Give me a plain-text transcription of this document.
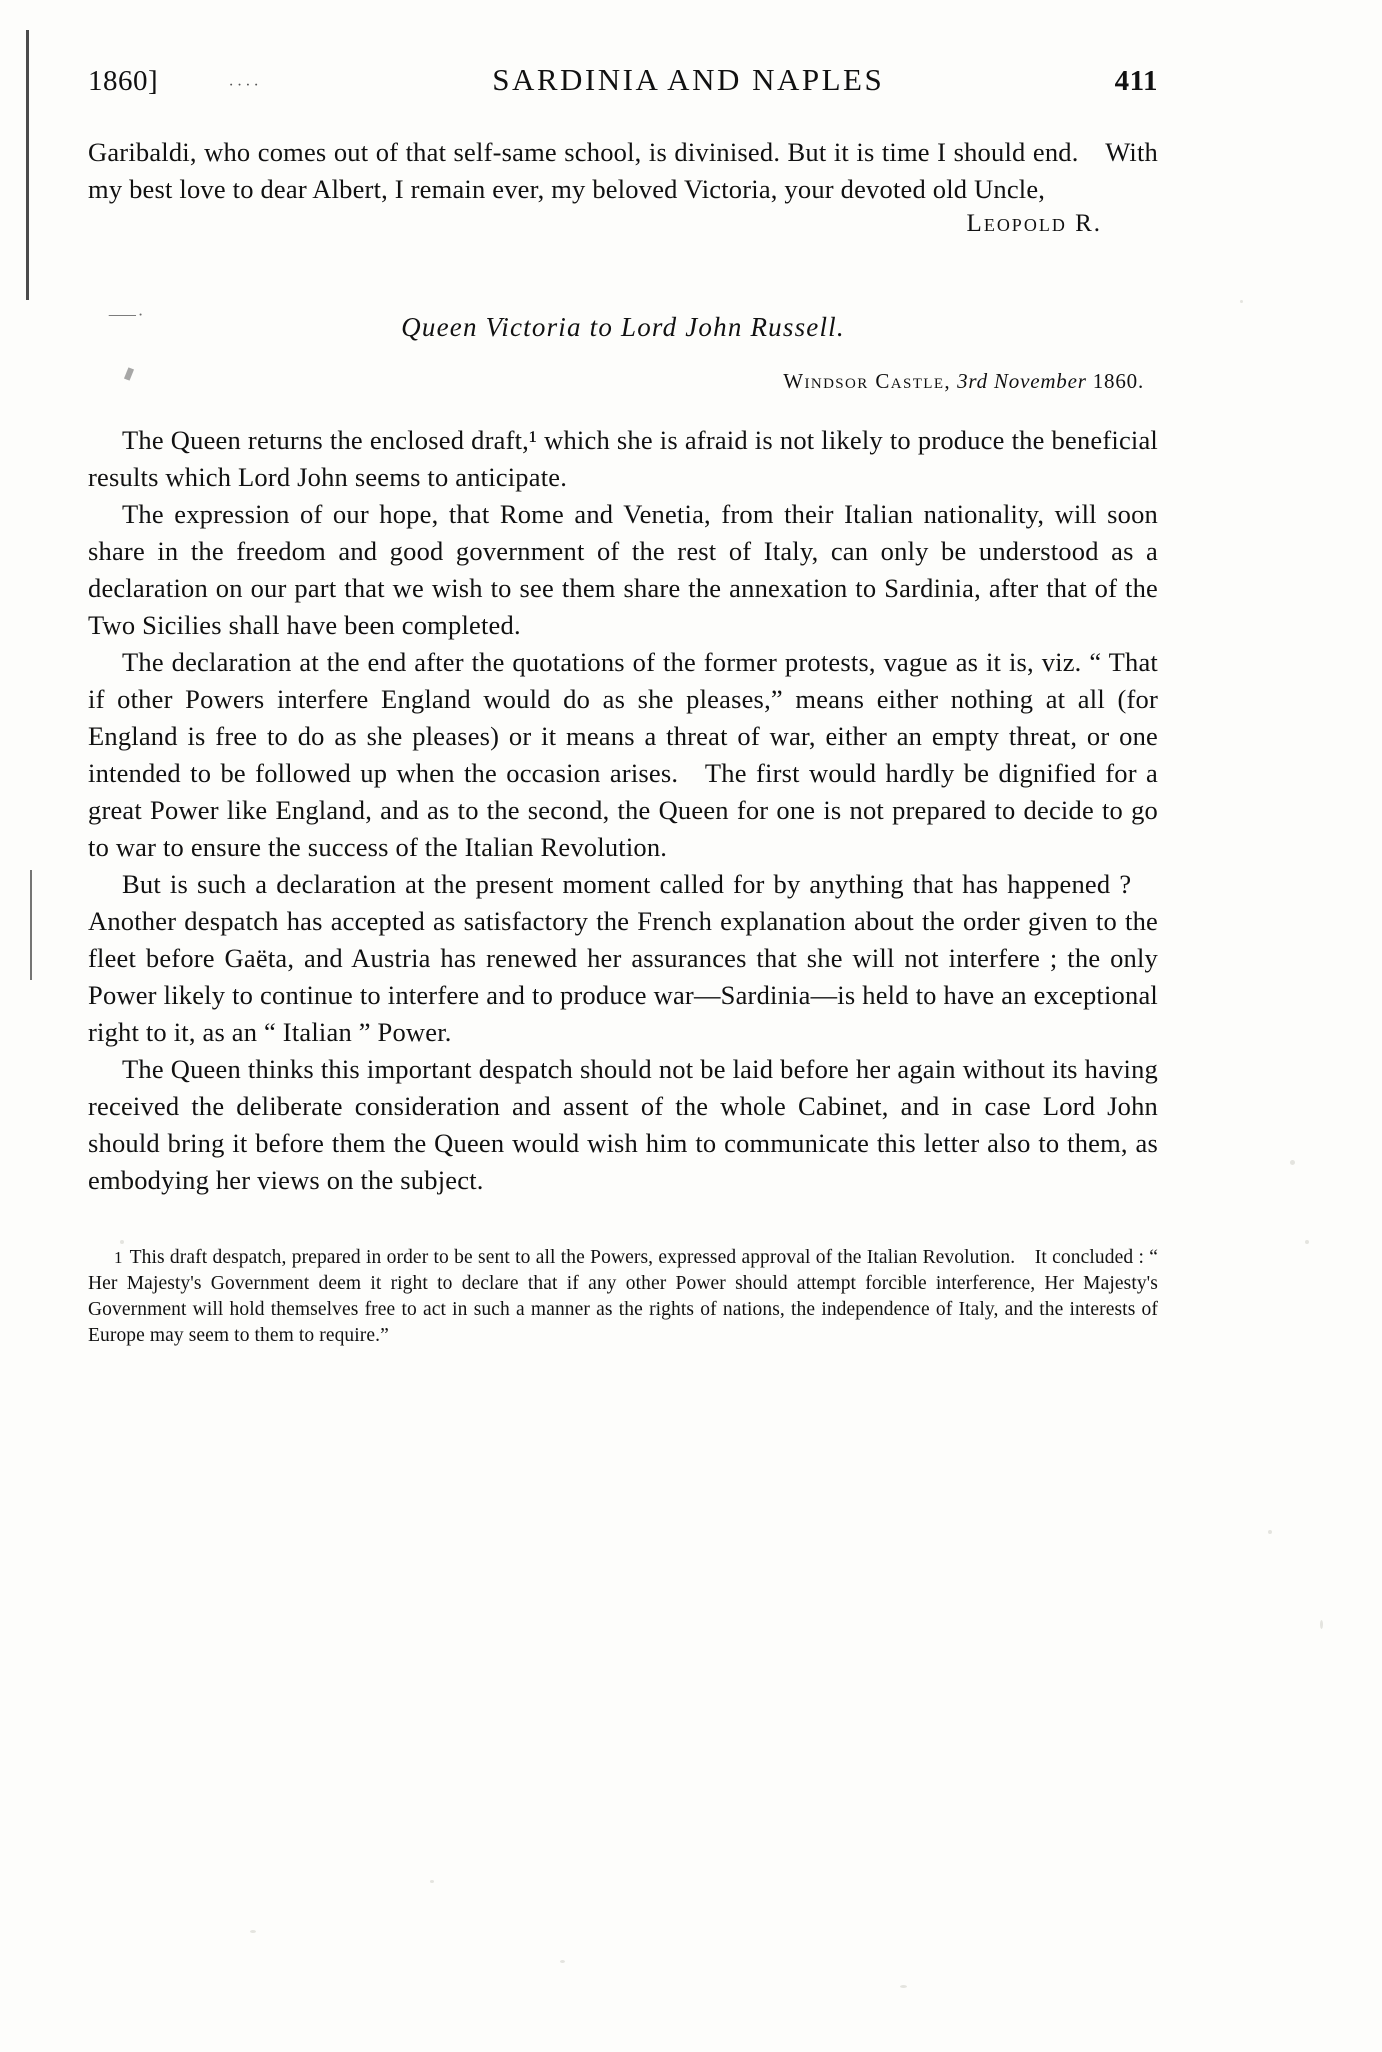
⸺·
1860]	····	SARDINIA AND NAPLES	411

Garibaldi, who comes out of that self-same school, is divinised. But it is time I should end. With my best love to dear Albert, I remain ever, my beloved Victoria, your devoted old Uncle,

Leopold R.
Queen Victoria to Lord John Russell.
Windsor Castle, 3rd November 1860.

The Queen returns the enclosed draft,¹ which she is afraid is not likely to produce the beneficial results which Lord John seems to anticipate.

The expression of our hope, that Rome and Venetia, from their Italian nationality, will soon share in the freedom and good government of the rest of Italy, can only be understood as a declaration on our part that we wish to see them share the annexation to Sardinia, after that of the Two Sicilies shall have been completed.

The declaration at the end after the quotations of the former protests, vague as it is, viz. “ That if other Powers interfere England would do as she pleases,” means either nothing at all (for England is free to do as she pleases) or it means a threat of war, either an empty threat, or one intended to be followed up when the occasion arises. The first would hardly be dignified for a great Power like England, and as to the second, the Queen for one is not prepared to decide to go to war to ensure the success of the Italian Revolution.

But is such a declaration at the present moment called for by anything that has happened ? Another despatch has accepted as satisfactory the French explanation about the order given to the fleet before Gaëta, and Austria has renewed her assurances that she will not interfere ; the only Power likely to continue to interfere and to produce war—Sardinia—is held to have an exceptional right to it, as an “ Italian ” Power.

The Queen thinks this important despatch should not be laid before her again without its having received the deliberate consideration and assent of the whole Cabinet, and in case Lord John should bring it before them the Queen would wish him to communicate this letter also to them, as embodying her views on the subject.

1 This draft despatch, prepared in order to be sent to all the Powers, expressed approval of the Italian Revolution. It concluded : “ Her Majesty's Government deem it right to declare that if any other Power should attempt forcible interference, Her Majesty's Government will hold themselves free to act in such a manner as the rights of nations, the independence of Italy, and the interests of Europe may seem to them to require.”
